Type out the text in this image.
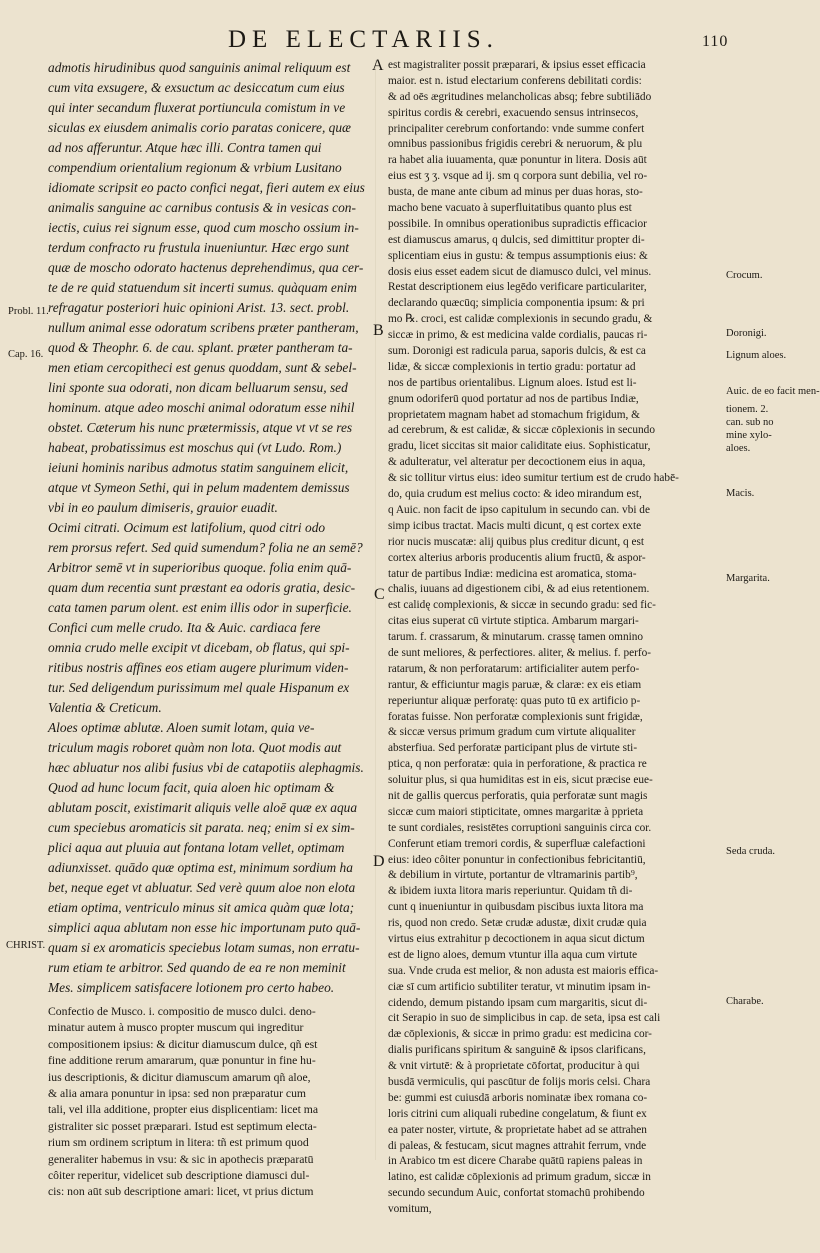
DE ELECTARIIS.	110
admotis hirudinibus quod sanguinis animal reliquum est
cum vita exsugere, & exsuctum ac desiccatum cum eius
qui inter secandum fluxerat portiuncula comistum in ve
siculas ex eiusdem animalis corio paratas conicere, quæ
ad nos afferuntur. Atque hæc illi. Contra tamen qui
compendium orientalium regionum & vrbium Lusitano
idiomate scripsit eo pacto confici negat, fieri autem ex eius
animalis sanguine ac carnibus contusis & in vesicas con-
iectis, cuius rei signum esse, quod cum moscho ossium in-
terdum confracto ru frustula inueniuntur. Hæc ergo sunt
quæ de moscho odorato hactenus deprehendimus, qua cer-
te de re quid statuendum sit incerti sumus. quàquam enim
refragatur posteriori huic opinioni Arist. 13. sect. probl.
nullum animal esse odoratum scribens præter pantheram,
quod & Theophr. 6. de cau. splant. præter pantheram ta-
men etiam cercopitheci est genus quoddam, sunt & sebel-
lini sponte sua odorati, non dicam belluarum sensu, sed
hominum. atque adeo moschi animal odoratum esse nihil
obstet. Cæterum his nunc prætermissis, atque vt vt se res
habeat, probatissimus est moschus qui (vt Ludo. Rom.)
ieiuni hominis naribus admotus statim sanguinem elicit,
atque vt Symeon Sethi, qui in pelum madentem demissus
vbi in eo paulum dimiseris, grauior euadit.
Ocimi citrati. Ocimum est latifolium, quod citri odo
rem prorsus refert. Sed quid sumendum? folia ne an semē?
Arbitror semē vt in superioribus quoque. folia enim quā-
quam dum recentia sunt præstant ea odoris gratia, desic-
cata tamen parum olent. est enim illis odor in superficie.
Confici cum melle crudo. Ita & Auic. cardiaca fere
omnia crudo melle excipit vt dicebam, ob flatus, qui spi-
ritibus nostris affines eos etiam augere plurimum viden-
tur. Sed deligendum purissimum mel quale Hispanum ex
Valentia & Creticum.
Aloes optimæ ablutæ. Aloen sumit lotam, quia ve-
triculum magis roboret quàm non lota. Quot modis aut
hæc abluatur nos alibi fusius vbi de catapotiis alephagmis.
Quod ad hunc locum facit, quia aloen hic optimam &
ablutam poscit, existimarit aliquis velle aloē quæ ex aqua
cum speciebus aromaticis sit parata. neq; enim si ex sim-
plici aqua aut pluuia aut fontana lotam vellet, optimam
adiunxisset. quādo quæ optima est, minimum sordium ha
bet, neque eget vt abluatur. Sed verè quum aloe non elota
etiam optima, ventriculo minus sit amica quàm quæ lota;
simplici aqua ablutam non esse hic importunam puto quā-
quam si ex aromaticis speciebus lotam sumas, non erratu-
rum etiam te arbitror. Sed quando de ea re non meminit
Mes. simplicem satisfacere lotionem pro certo habeo.
Confectio de Musco. i. compositio de musco dulci. deno-
minatur autem à musco propter muscum qui ingreditur
compositionem ipsius: & dicitur diamuscum dulce, qñ est
fine additione rerum amararum, quæ ponuntur in fine hu-
ius descriptionis, & dicitur diamuscum amarum qñ aloe,
& alia amara ponuntur in ipsa: sed non præparatur cum
tali, vel illa additione, propter eius displicentiam: licet ma
gistraliter sic posset præparari. Istud est septimum electa-
rium sm ordinem scriptum in litera: tñ est primum quod
generaliter habemus in vsu: & sic in apothecis præparatū
côiter reperitur, videlicet sub descriptione diamusci dul-
cis: non aūt sub descriptione amari: licet, vt prius dictum
est magistraliter possit præparari, & ipsius esset efficacia
maior. est n. istud electarium conferens debilitati cordis:
& ad oēs ægritudines melancholicas absq; febre subtiliādo
spiritus cordis & cerebri, exacuendo sensus intrinsecos,
principaliter cerebrum confortando: vnde summe confert
omnibus passionibus frigidis cerebri & neruorum, & plu
ra habet alia iuuamenta, quæ ponuntur in litera. Dosis aūt
eius est ʒ ʒ. vsque ad ij. sm q corpora sunt debilia, vel ro-
busta, de mane ante cibum ad minus per duas horas, sto-
macho bene vacuato à superfluitatibus quanto plus est
possibile. In omnibus operationibus supradictis efficacior
est diamuscus amarus, q dulcis, sed dimittitur propter di-
splicentiam eius in gustu: & tempus assumptionis eius: &
dosis eius esset eadem sicut de diamusco dulci, vel minus.
Restat descriptionem eius legēdo verificare particulariter,
declarando quæcūq; simplicia componentia ipsum: & pri
mo ℞. croci, est calidæ complexionis in secundo gradu, &
siccæ in primo, & est medicina valde cordialis, paucas ri-
sum. Doronigi est radicula parua, saporis dulcis, & est ca
lidæ, & siccæ complexionis in tertio gradu: portatur ad
nos de partibus orientalibus. Lignum aloes. Istud est li-
gnum odoriferū quod portatur ad nos de partibus Indiæ,
proprietatem magnam habet ad stomachum frigidum, &
ad cerebrum, & est calidæ, & siccæ cōplexionis in secundo
gradu, licet siccitas sit maior caliditate eius. Sophisticatur,
& adulteratur, vel alteratur per decoctionem eius in aqua,
& sic tollitur virtus eius: ideo sumitur tertium est de crudo habē-
do, quia crudum est melius cocto: & ideo mirandum est,
q Auic. non facit de ipso capitulum in secundo can. vbi de
simp icibus tractat. Macis multi dicunt, q est cortex exte
rior nucis muscatæ: alij quibus plus creditur dicunt, q est
cortex alterius arboris producentis alium fructū, & aspor-
tatur de partibus Indiæ: medicina est aromatica, stoma-
chalis, iuuans ad digestionem cibi, & ad eius retentionem.
est calidę complexionis, & siccæ in secundo gradu: sed fic-
citas eius superat cū virtute stiptica. Ambarum margari-
tarum. f. crassarum, & minutarum. crassę tamen omnino
de sunt meliores, & perfectiores. aliter, & melius. f. perfo-
ratarum, & non perforatarum: artificialiter autem perfo-
rantur, & efficiuntur magis paruæ, & claræ: ex eis etiam
reperiuntur aliquæ perforatę: quas puto tū ex artificio p-
foratas fuisse. Non perforatæ complexionis sunt frigidæ,
& siccæ versus primum gradum cum virtute aliqualiter
absterfiua. Sed perforatæ participant plus de virtute sti-
ptica, q non perforatæ: quia in perforatione, & practica re
soluitur plus, si qua humiditas est in eis, sicut præcise eue-
nit de gallis quercus perforatis, quia perforatæ sunt magis
siccæ cum maiori stipticitate, omnes margaritæ à pprieta
te sunt cordiales, resistētes corruptioni sanguinis circa cor.
Conferunt etiam tremori cordis, & superfluæ calefactioni
eius: ideo côiter ponuntur in confectionibus febricitantiū,
& debilium in virtute, portantur de vltramarinis partib⁹,
& ibidem iuxta litora maris reperiuntur. Quidam tñ di-
cunt q inueniuntur in quibusdam piscibus iuxta litora ma
ris, quod non credo. Setæ crudæ adustæ, dixit crudæ quia
virtus eius extrahitur p decoctionem in aqua sicut dictum
est de ligno aloes, demum vtuntur illa aqua cum virtute
sua. Vnde cruda est melior, & non adusta est maioris effica-
ciæ sī cum artificio subtiliter teratur, vt minutim ipsam in-
cidendo, demum pistando ipsam cum margaritis, sicut di-
cit Serapio in suo de simplicibus in cap. de seta, ipsa est cali
dæ cōplexionis, & siccæ in primo gradu: est medicina cor-
dialis purificans spiritum & sanguinē & ipsos clarificans,
& vnit virtutē: & à proprietate cōfortat, producitur à qui
busdā vermiculis, qui pascūtur de folijs moris celsi. Chara
be: gummi est cuiusdā arboris nominatæ ibex romana co-
loris citrini cum aliquali rubedine congelatum, & fiunt ex
ea pater noster, virtute, & proprietate habet ad se attrahen
di paleas, & festucam, sicut magnes attrahit ferrum, vnde
in Arabico tm est dicere Charabe quātū rapiens paleas in
latino, est calidæ cōplexionis ad primum gradum, siccæ in
secundo secundum Auic, confortat stomachū prohibendo
vomitum,
Probl. 11.
Cap. 16.
CHRIST.
A
B
C
D
Crocum.
Doronigi.
Lignum aloes.
Auic. de eo facit men-
tionem. 2.
can. sub no
mine xylo-
aloes.
Macis.
Margarita.
Seda cruda.
Charabe.
